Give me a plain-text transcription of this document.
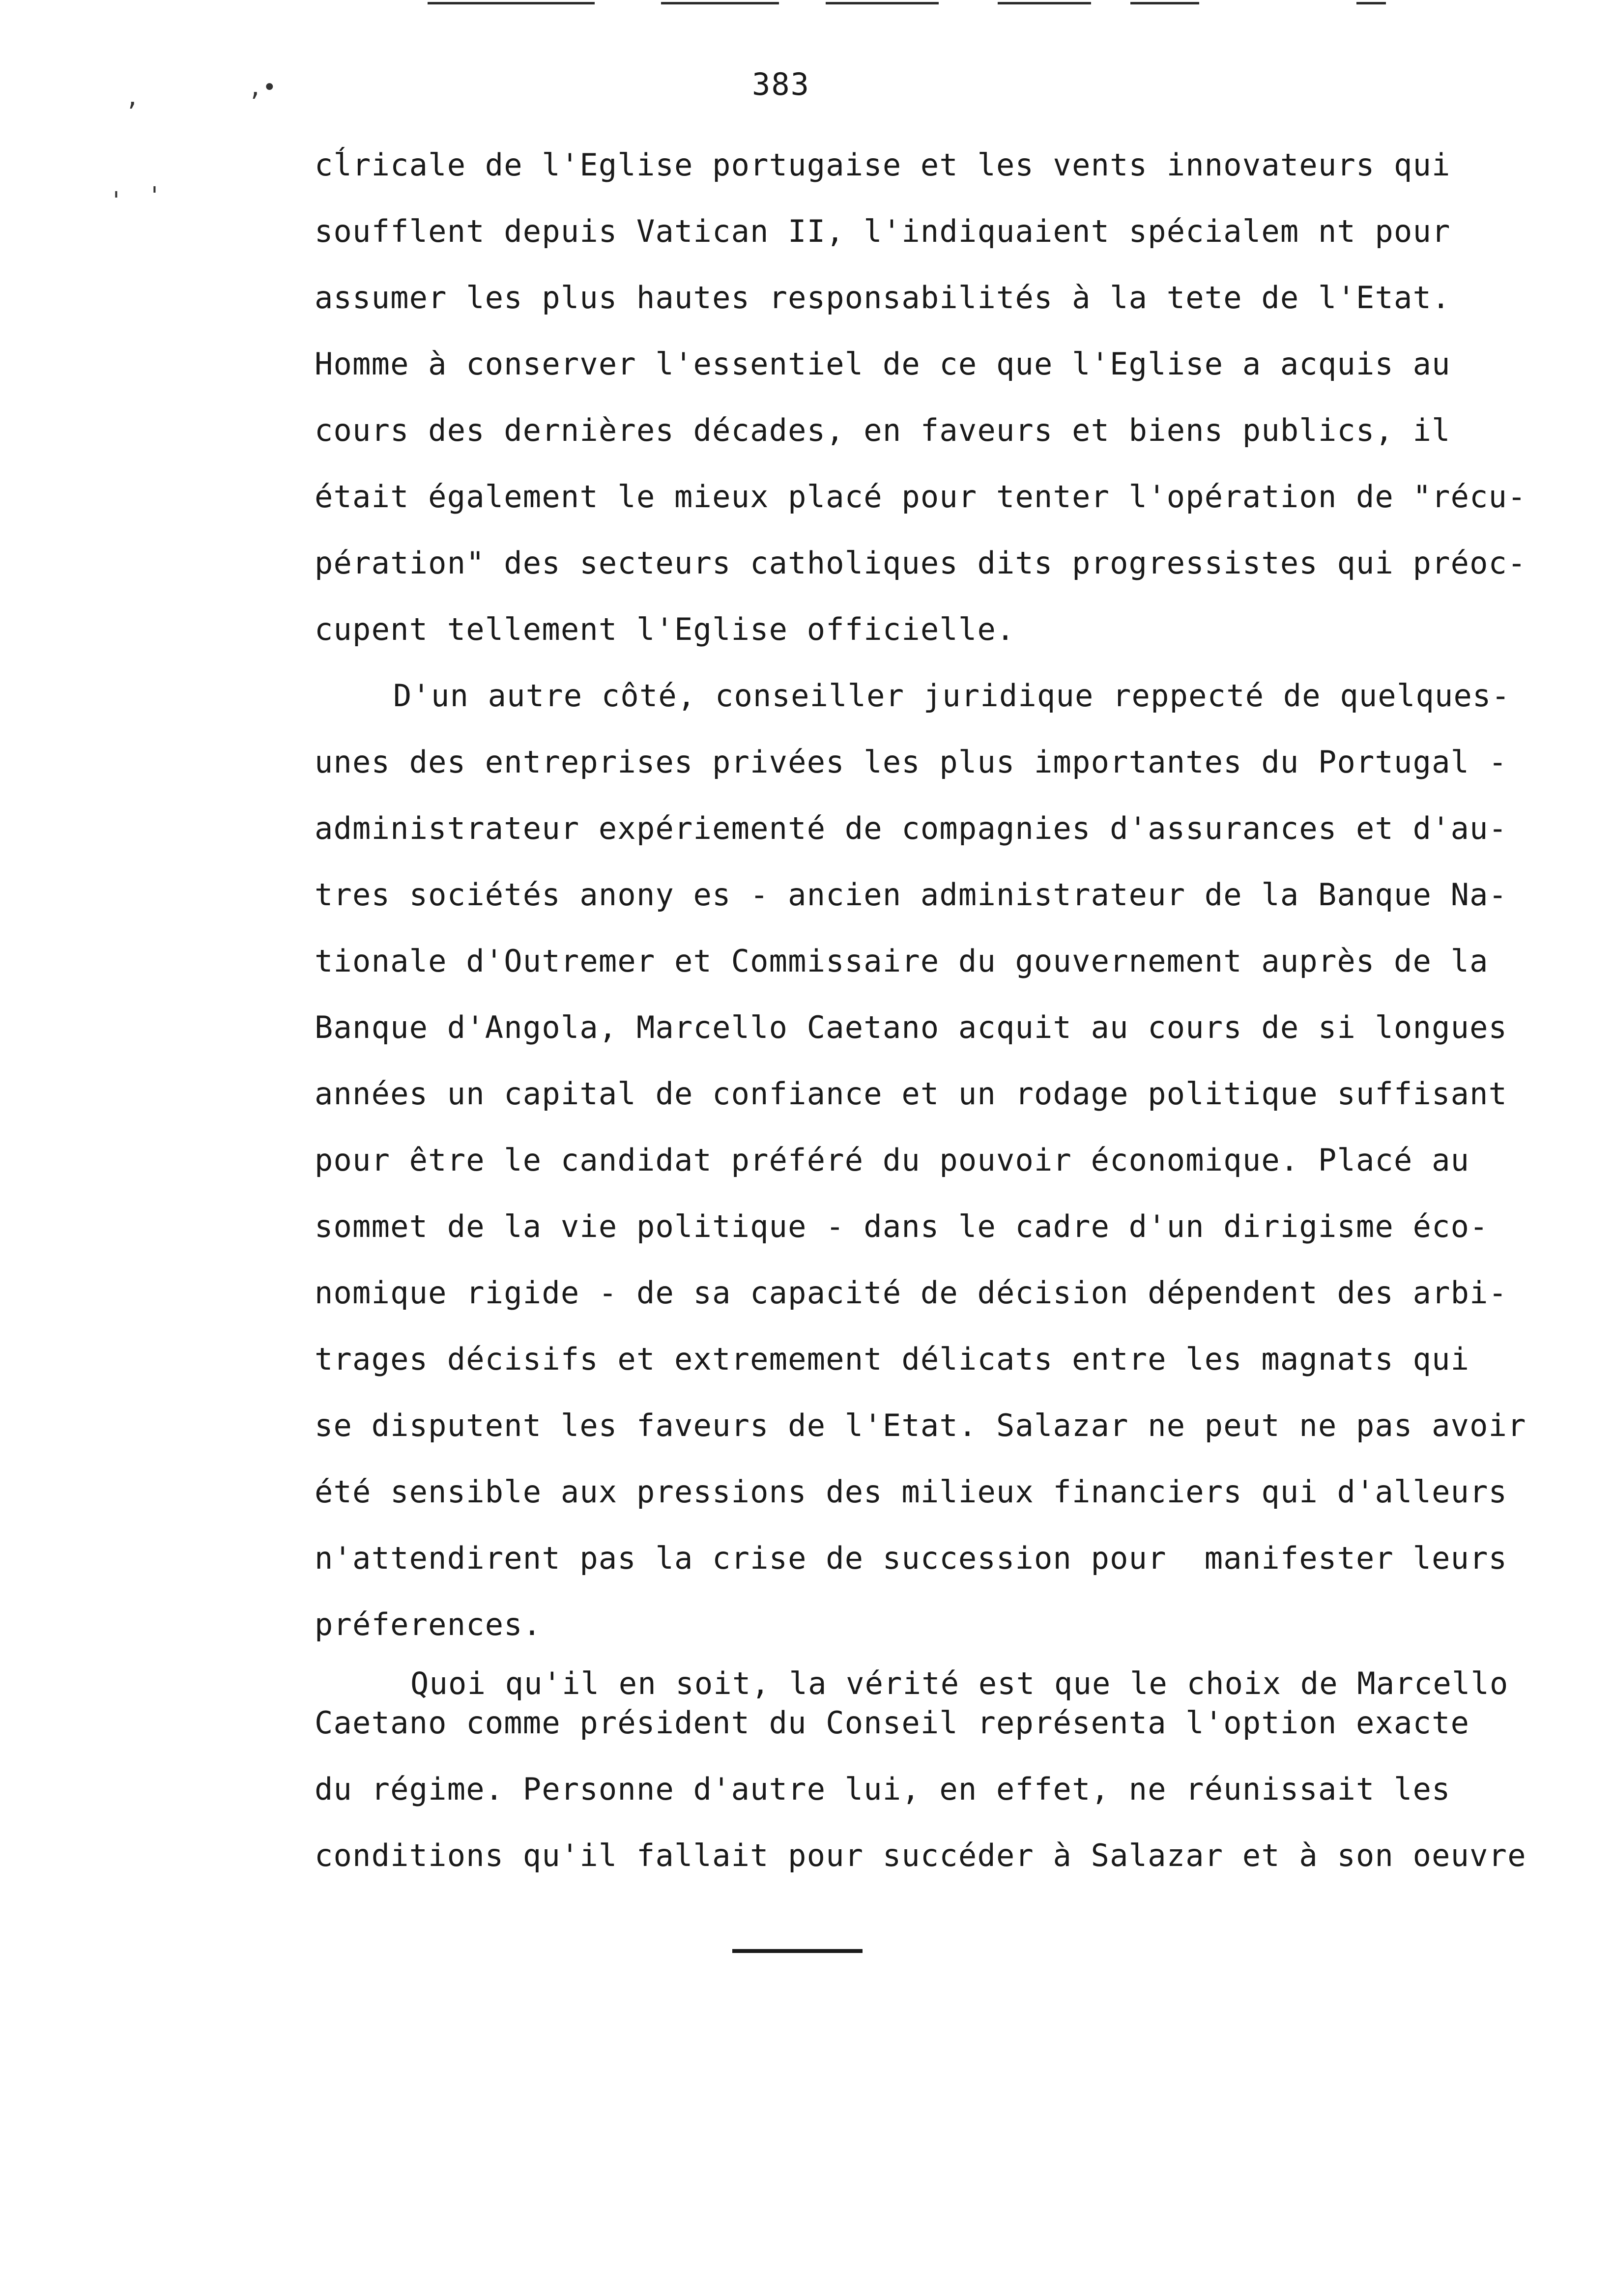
,	,•
' '
383
cĺricale de l'Eglise portugaise et les vents innovateurs qui
soufflent depuis Vatican II, l'indiquaient spécialem nt pour
assumer les plus hautes responsabilités à la tete de l'Etat.
Homme à conserver l'essentiel de ce que l'Eglise a acquis au
cours des dernières décades, en faveurs et biens publics, il
était également le mieux placé pour tenter l'opération de "récu-
pération" des secteurs catholiques dits progressistes qui préoc-
cupent tellement l'Eglise officielle.
D'un autre côté, conseiller juridique reppecté de quelques-
unes des entreprises privées les plus importantes du Portugal -
administrateur expériementé de compagnies d'assurances et d'au-
tres sociétés anony es - ancien administrateur de la Banque Na-
tionale d'Outremer et Commissaire du gouvernement auprès de la
Banque d'Angola, Marcello Caetano acquit au cours de si longues
années un capital de confiance et un rodage politique suffisant
pour être le candidat préféré du pouvoir économique. Placé au
sommet de la vie politique - dans le cadre d'un dirigisme éco-
nomique rigide - de sa capacité de décision dépendent des arbi-
trages décisifs et extremement délicats entre les magnats qui
se disputent les faveurs de l'Etat. Salazar ne peut ne pas avoir
été sensible aux pressions des milieux financiers qui d'alleurs
n'attendirent pas la crise de succession pour  manifester leurs
préferences.
Quoi qu'il en soit, la vérité est que le choix de Marcello
Caetano comme président du Conseil représenta l'option exacte
du régime. Personne d'autre lui, en effet, ne réunissait les
conditions qu'il fallait pour succéder à Salazar et à son oeuvre
